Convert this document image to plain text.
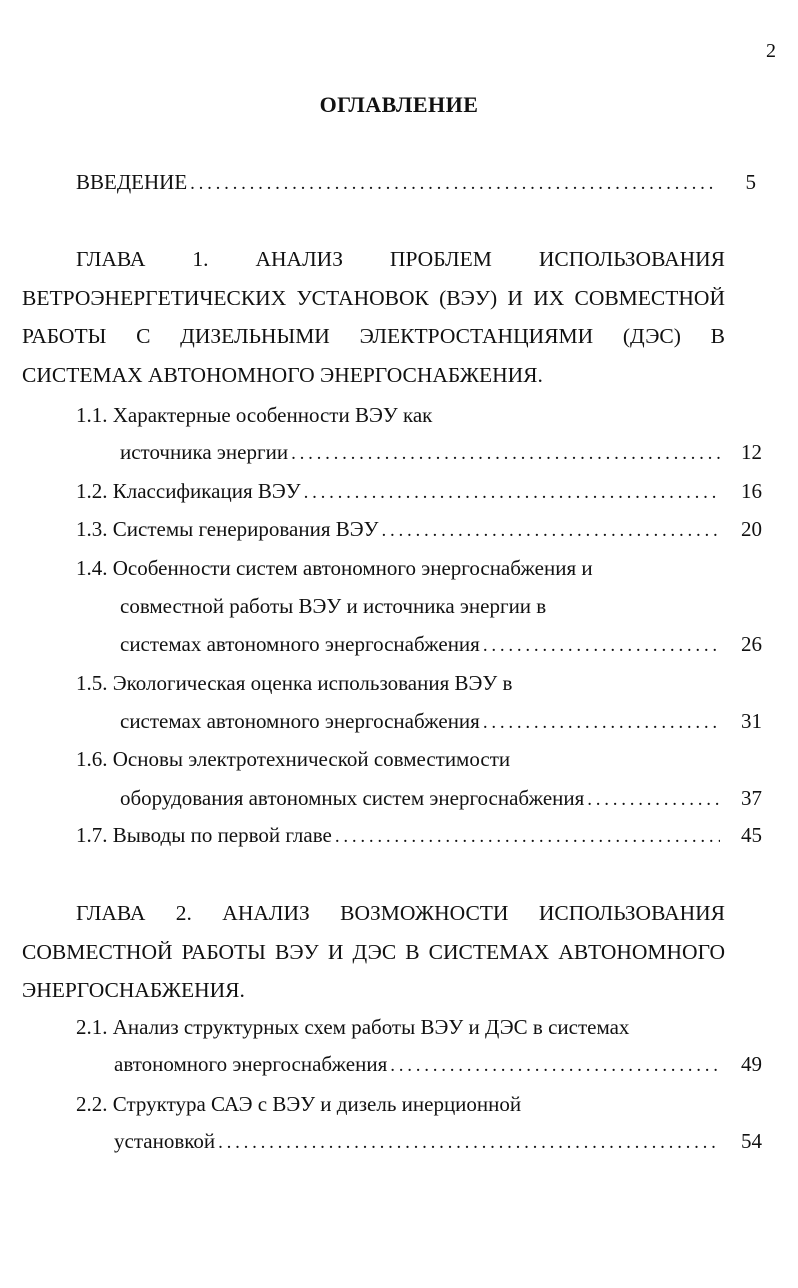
2
ОГЛАВЛЕНИЕ
ВВЕДЕНИЕ . . .	5
ГЛАВА 1. АНАЛИЗ ПРОБЛЕМ ИСПОЛЬЗОВАНИЯ
ВЕТРОЭНЕРГЕТИЧЕСКИХ УСТАНОВОК (ВЭУ) И ИХ СОВМЕСТНОЙ
РАБОТЫ С ДИЗЕЛЬНЫМИ ЭЛЕКТРОСТАНЦИЯМИ (ДЭС) В
СИСТЕМАХ АВТОНОМНОГО ЭНЕРГОСНАБЖЕНИЯ.
1.1. Характерные особенности ВЭУ как
источника энергии . . .	12
1.2. Классификация ВЭУ . . .	16
1.3. Системы генерирования ВЭУ . . .	20
1.4. Особенности систем автономного энергоснабжения и
совместной работы ВЭУ и источника энергии в
системах автономного энергоснабжения . . .	26
1.5. Экологическая оценка использования ВЭУ в
системах автономного энергоснабжения . . .	31
1.6. Основы электротехнической совместимости
оборудования автономных систем энергоснабжения . . .	37
1.7. Выводы по первой главе . . .	45
ГЛАВА 2. АНАЛИЗ ВОЗМОЖНОСТИ ИСПОЛЬЗОВАНИЯ
СОВМЕСТНОЙ РАБОТЫ ВЭУ И ДЭС В СИСТЕМАХ АВТОНОМНОГО
ЭНЕРГОСНАБЖЕНИЯ.
2.1. Анализ структурных схем работы ВЭУ и ДЭС в системах
автономного энергоснабжения . . .	49
2.2. Структура САЭ с ВЭУ и дизель инерционной
установкой . . .	54
